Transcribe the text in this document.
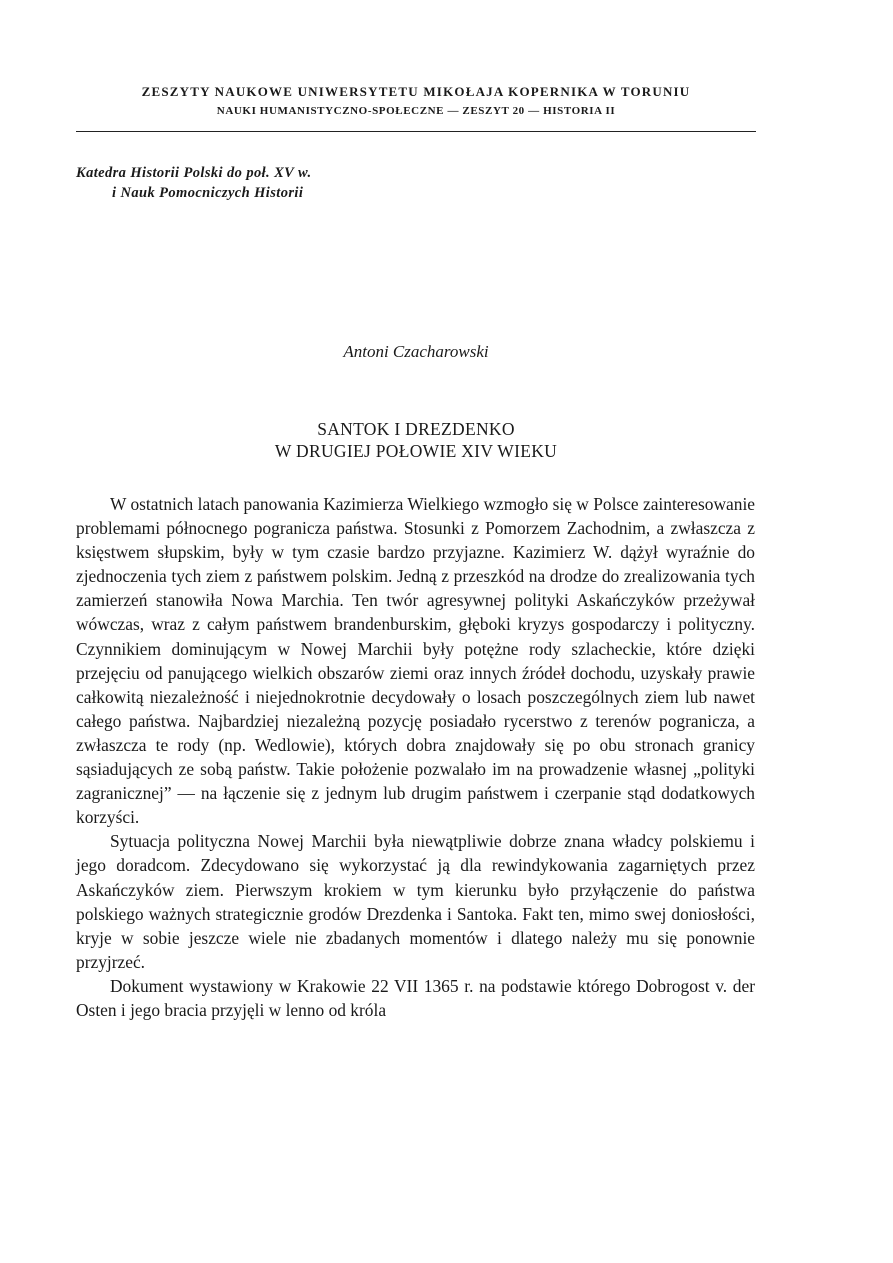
ZESZYTY NAUKOWE UNIWERSYTETU MIKOŁAJA KOPERNIKA W TORUNIU
NAUKI HUMANISTYCZNO-SPOŁECZNE — ZESZYT 20 — HISTORIA II
Katedra Historii Polski do poł. XV w.
i Nauk Pomocniczych Historii
Antoni Czacharowski
SANTOK I DREZDENKO
W DRUGIEJ POŁOWIE XIV WIEKU

W ostatnich latach panowania Kazimierza Wielkiego wzmogło się w Polsce zainteresowanie problemami północnego pogranicza państwa. Stosunki z Pomorzem Zachodnim, a zwłaszcza z księstwem słupskim, były w tym czasie bardzo przyjazne. Kazimierz W. dążył wyraźnie do zjednoczenia tych ziem z państwem polskim. Jedną z przeszkód na drodze do zrealizowania tych zamierzeń stanowiła Nowa Marchia. Ten twór agresywnej polityki Askańczyków przeżywał wówczas, wraz z całym państwem brandenburskim, głęboki kryzys gospodarczy i polityczny. Czynnikiem dominującym w Nowej Marchii były potężne rody szlacheckie, które dzięki przejęciu od panującego wielkich obszarów ziemi oraz innych źródeł dochodu, uzyskały prawie całkowitą niezależność i niejednokrotnie decydowały o losach poszczególnych ziem lub nawet całego państwa. Najbardziej niezależną pozycję posiadało rycerstwo z terenów pogranicza, a zwłaszcza te rody (np. Wedlowie), których dobra znajdowały się po obu stronach granicy sąsiadujących ze sobą państw. Takie położenie pozwalało im na prowadzenie własnej „polityki zagranicznej” — na łączenie się z jednym lub drugim państwem i czerpanie stąd dodatkowych korzyści.

Sytuacja polityczna Nowej Marchii była niewątpliwie dobrze znana władcy polskiemu i jego doradcom. Zdecydowano się wykorzystać ją dla rewindykowania zagarniętych przez Askańczyków ziem. Pierwszym krokiem w tym kierunku było przyłączenie do państwa polskiego ważnych strategicznie grodów Drezdenka i Santoka. Fakt ten, mimo swej doniosłości, kryje w sobie jeszcze wiele nie zbadanych momentów i dlatego należy mu się ponownie przyjrzeć.

Dokument wystawiony w Krakowie 22 VII 1365 r. na podstawie którego Dobrogost v. der Osten i jego bracia przyjęli w lenno od króla
